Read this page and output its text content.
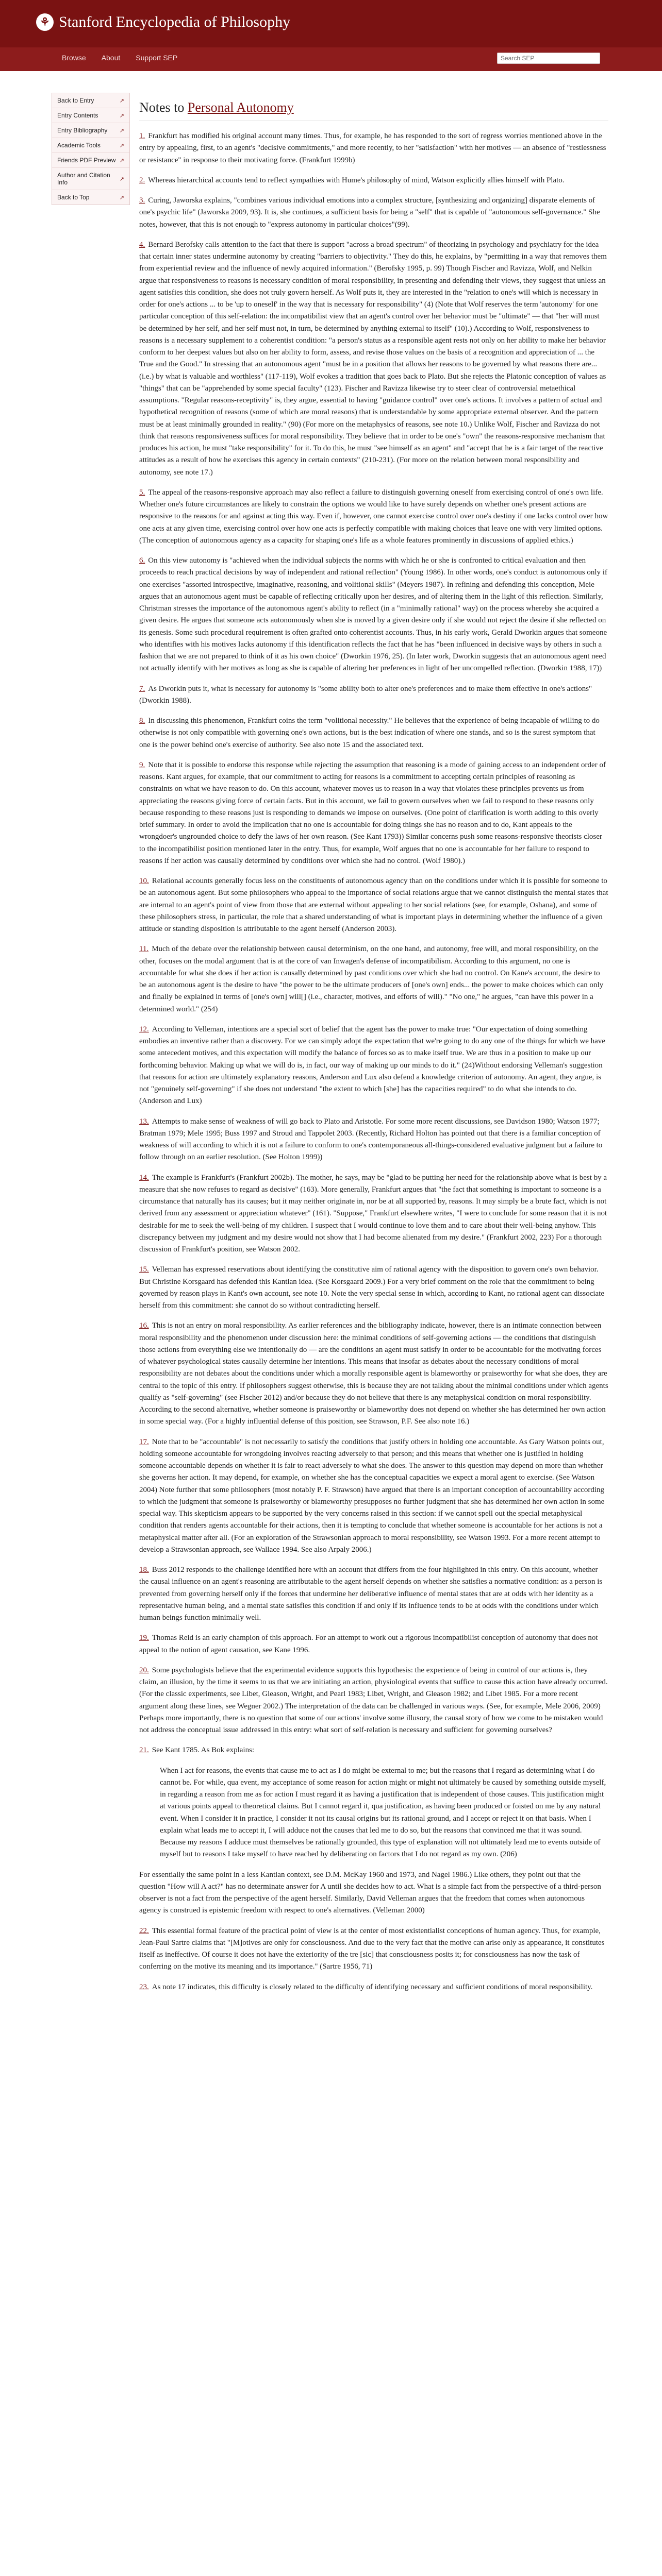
⚘ Stanford Encyclopedia of Philosophy
Browse About Support SEP
Search SEP
Back to Entry	↗
Entry Contents	↗
Entry Bibliography ↗
Academic Tools	↗
Friends PDF Preview ↗
Author and Citation Info	↗
Back to Top	↗
Notes to Personal Autonomy

1. Frankfurt has modified his original account many times. Thus, for example, he has responded to the sort of regress worries mentioned above in the entry by appealing, first, to an agent's "decisive commitments," and more recently, to her "satisfaction" with her motives — an absence of "restlessness or resistance" in response to their motivating force. (Frankfurt 1999b)

2. Whereas hierarchical accounts tend to reflect sympathies with Hume's philosophy of mind, Watson explicitly allies himself with Plato.

3. Curing, Jaworska explains, "combines various individual emotions into a complex structure, [synthesizing and organizing] disparate elements of one's psychic life" (Jaworska 2009, 93). It is, she continues, a sufficient basis for being a "self" that is capable of "autonomous self-governance." She notes, however, that this is not enough to "express autonomy in particular choices"(99).

4. Bernard Berofsky calls attention to the fact that there is support "across a broad spectrum" of theorizing in psychology and psychiatry for the idea that certain inner states undermine autonomy by creating "barriers to objectivity." They do this, he explains, by "permitting in a way that removes them from experiential review and the influence of newly acquired information." (Berofsky 1995, p. 99) Though Fischer and Ravizza, Wolf, and Nelkin argue that responsiveness to reasons is necessary condition of moral responsibility, in presenting and defending their views, they suggest that unless an agent satisfies this condition, she does not truly govern herself. As Wolf puts it, they are interested in the "relation to one's will which is necessary in order for one's actions ... to be 'up to oneself' in the way that is necessary for responsibility" (4) (Note that Wolf reserves the term 'autonomy' for one particular conception of this self-relation: the incompatibilist view that an agent's control over her behavior must be "ultimate" — that "her will must be determined by her self, and her self must not, in turn, be determined by anything external to itself" (10).) According to Wolf, responsiveness to reasons is a necessary supplement to a coherentist condition: "a person's status as a responsible agent rests not only on her ability to make her behavior conform to her deepest values but also on her ability to form, assess, and revise those values on the basis of a recognition and appreciation of ... the True and the Good." In stressing that an autonomous agent "must be in a position that allows her reasons to be governed by what reasons there are... (i.e.) by what is valuable and worthless" (117-119), Wolf evokes a tradition that goes back to Plato. But she rejects the Platonic conception of values as "things" that can be "apprehended by some special faculty" (123). Fischer and Ravizza likewise try to steer clear of controversial metaethical assumptions. "Regular reasons-receptivity" is, they argue, essential to having "guidance control" over one's actions. It involves a pattern of actual and hypothetical recognition of reasons (some of which are moral reasons) that is understandable by some appropriate external observer. And the pattern must be at least minimally grounded in reality." (90) (For more on the metaphysics of reasons, see note 10.) Unlike Wolf, Fischer and Ravizza do not think that reasons responsiveness suffices for moral responsibility. They believe that in order to be one's "own" the reasons-responsive mechanism that produces his action, he must "take responsibility" for it. To do this, he must "see himself as an agent" and "accept that he is a fair target of the reactive attitudes as a result of how he exercises this agency in certain contexts" (210-231). (For more on the relation between moral responsibility and autonomy, see note 17.)

5. The appeal of the reasons-responsive approach may also reflect a failure to distinguish governing oneself from exercising control of one's own life. Whether one's future circumstances are likely to constrain the options we would like to have surely depends on whether one's present actions are responsive to the reasons for and against acting this way. Even if, however, one cannot exercise control over one's destiny if one lacks control over how one acts at any given time, exercising control over how one acts is perfectly compatible with making choices that leave one with very limited options. (The conception of autonomous agency as a capacity for shaping one's life as a whole features prominently in discussions of applied ethics.)

6. On this view autonomy is "achieved when the individual subjects the norms with which he or she is confronted to critical evaluation and then proceeds to reach practical decisions by way of independent and rational reflection" (Young 1986). In other words, one's conduct is autonomous only if one exercises "assorted introspective, imaginative, reasoning, and volitional skills" (Meyers 1987). In refining and defending this conception, Meie argues that an autonomous agent must be capable of reflecting critically upon her desires, and of altering them in the light of this reflection. Similarly, Christman stresses the importance of the autonomous agent's ability to reflect (in a "minimally rational" way) on the process whereby she acquired a given desire. He argues that someone acts autonomously when she is moved by a given desire only if she would not reject the desire if she reflected on its genesis. Some such procedural requirement is often grafted onto coherentist accounts. Thus, in his early work, Gerald Dworkin argues that someone who identifies with his motives lacks autonomy if this identification reflects the fact that he has "been influenced in decisive ways by others in such a fashion that we are not prepared to think of it as his own choice" (Dworkin 1976, 25). (In later work, Dworkin suggests that an autonomous agent need not actually identify with her motives as long as she is capable of altering her preferences in light of her uncompelled reflection. (Dworkin 1988, 17))

7. As Dworkin puts it, what is necessary for autonomy is "some ability both to alter one's preferences and to make them effective in one's actions" (Dworkin 1988).

8. In discussing this phenomenon, Frankfurt coins the term "volitional necessity." He believes that the experience of being incapable of willing to do otherwise is not only compatible with governing one's own actions, but is the best indication of where one stands, and so is the surest symptom that one is the power behind one's exercise of authority. See also note 15 and the associated text.

9. Note that it is possible to endorse this response while rejecting the assumption that reasoning is a mode of gaining access to an independent order of reasons. Kant argues, for example, that our commitment to acting for reasons is a commitment to accepting certain principles of reasoning as constraints on what we have reason to do. On this account, whatever moves us to reason in a way that violates these principles prevents us from appreciating the reasons giving force of certain facts. But in this account, we fail to govern ourselves when we fail to respond to these reasons only because responding to these reasons just is responding to demands we impose on ourselves. (One point of clarification is worth adding to this overly brief summary. In order to avoid the implication that no one is accountable for doing things she has no reason and to do, Kant appeals to the wrongdoer's ungrounded choice to defy the laws of her own reason. (See Kant 1793)) Similar concerns push some reasons-responsive theorists closer to the incompatibilist position mentioned later in the entry. Thus, for example, Wolf argues that no one is accountable for her failure to respond to reasons if her action was causally determined by conditions over which she had no control. (Wolf 1980).)

10. Relational accounts generally focus less on the constituents of autonomous agency than on the conditions under which it is possible for someone to be an autonomous agent. But some philosophers who appeal to the importance of social relations argue that we cannot distinguish the mental states that are internal to an agent's point of view from those that are external without appealing to her social relations (see, for example, Oshana), and some of these philosophers stress, in particular, the role that a shared understanding of what is important plays in determining whether the influence of a given attitude or standing disposition is attributable to the agent herself (Anderson 2003).

11. Much of the debate over the relationship between causal determinism, on the one hand, and autonomy, free will, and moral responsibility, on the other, focuses on the modal argument that is at the core of van Inwagen's defense of incompatibilism. According to this argument, no one is accountable for what she does if her action is causally determined by past conditions over which she had no control. On Kane's account, the desire to be an autonomous agent is the desire to have "the power to be the ultimate producers of [one's own] ends... the power to make choices which can only and finally be explained in terms of [one's own] will[] (i.e., character, motives, and efforts of will)." "No one," he argues, "can have this power in a determined world." (254)

12. According to Velleman, intentions are a special sort of belief that the agent has the power to make true: "Our expectation of doing something embodies an inventive rather than a discovery. For we can simply adopt the expectation that we're going to do any one of the things for which we have some antecedent motives, and this expectation will modify the balance of forces so as to make itself true. We are thus in a position to make up our forthcoming behavior. Making up what we will do is, in fact, our way of making up our minds to do it." (24)Without endorsing Velleman's suggestion that reasons for action are ultimately explanatory reasons, Anderson and Lux also defend a knowledge criterion of autonomy. An agent, they argue, is not "genuinely self-governing" if she does not understand "the extent to which [she] has the capacities required" to do what she intends to do. (Anderson and Lux)

13. Attempts to make sense of weakness of will go back to Plato and Aristotle. For some more recent discussions, see Davidson 1980; Watson 1977; Bratman 1979; Mele 1995; Buss 1997 and Stroud and Tappolet 2003. (Recently, Richard Holton has pointed out that there is a familiar conception of weakness of will according to which it is not a failure to conform to one's contemporaneous all-things-considered evaluative judgment but a failure to follow through on an earlier resolution. (See Holton 1999))

14. The example is Frankfurt's (Frankfurt 2002b). The mother, he says, may be "glad to be putting her need for the relationship above what is best by a measure that she now refuses to regard as decisive" (163). More generally, Frankfurt argues that "the fact that something is important to someone is a circumstance that naturally has its causes; but it may neither originate in, nor be at all supported by, reasons. It may simply be a brute fact, which is not derived from any assessment or appreciation whatever" (161). "Suppose," Frankfurt elsewhere writes, "I were to conclude for some reason that it is not desirable for me to seek the well-being of my children. I suspect that I would continue to love them and to care about their well-being anyhow. This discrepancy between my judgment and my desire would not show that I had become alienated from my desire." (Frankfurt 2002, 223) For a thorough discussion of Frankfurt's position, see Watson 2002.

15. Velleman has expressed reservations about identifying the constitutive aim of rational agency with the disposition to govern one's own behavior. But Christine Korsgaard has defended this Kantian idea. (See Korsgaard 2009.) For a very brief comment on the role that the commitment to being governed by reason plays in Kant's own account, see note 10. Note the very special sense in which, according to Kant, no rational agent can dissociate herself from this commitment: she cannot do so without contradicting herself.

16. This is not an entry on moral responsibility. As earlier references and the bibliography indicate, however, there is an intimate connection between moral responsibility and the phenomenon under discussion here: the minimal conditions of self-governing actions — the conditions that distinguish those actions from everything else we intentionally do — are the conditions an agent must satisfy in order to be accountable for the motivating forces of whatever psychological states causally determine her intentions. This means that insofar as debates about the necessary conditions of moral responsibility are not debates about the conditions under which a morally responsible agent is blameworthy or praiseworthy for what she does, they are central to the topic of this entry. If philosophers suggest otherwise, this is because they are not talking about the minimal conditions under which agents qualify as "self-governing" (see Fischer 2012) and/or because they do not believe that there is any metaphysical condition on moral responsibility. According to the second alternative, whether someone is praiseworthy or blameworthy does not depend on whether she has determined her own action in some special way. (For a highly influential defense of this position, see Strawson, P.F. See also note 16.)

17. Note that to be "accountable" is not necessarily to satisfy the conditions that justify others in holding one accountable. As Gary Watson points out, holding someone accountable for wrongdoing involves reacting adversely to that person; and this means that whether one is justified in holding someone accountable depends on whether it is fair to react adversely to what she does. The answer to this question may depend on more than whether she governs her action. It may depend, for example, on whether she has the conceptual capacities we expect a moral agent to exercise. (See Watson 2004) Note further that some philosophers (most notably P. F. Strawson) have argued that there is an important conception of accountability according to which the judgment that someone is praiseworthy or blameworthy presupposes no further judgment that she has determined her own action in some special way. This skepticism appears to be supported by the very concerns raised in this section: if we cannot spell out the special metaphysical condition that renders agents accountable for their actions, then it is tempting to conclude that whether someone is accountable for her actions is not a metaphysical matter after all. (For an exploration of the Strawsonian approach to moral responsibility, see Watson 1993. For a more recent attempt to develop a Strawsonian approach, see Wallace 1994. See also Arpaly 2006.)

18. Buss 2012 responds to the challenge identified here with an account that differs from the four highlighted in this entry. On this account, whether the causal influence on an agent's reasoning are attributable to the agent herself depends on whether she satisfies a normative condition: as a person is prevented from governing herself only if the forces that undermine her deliberative influence of mental states that are at odds with her identity as a representative human being, and a mental state satisfies this condition if and only if its influence tends to be at odds with the conditions under which human beings function minimally well.

19. Thomas Reid is an early champion of this approach. For an attempt to work out a rigorous incompatibilist conception of autonomy that does not appeal to the notion of agent causation, see Kane 1996.

20. Some psychologists believe that the experimental evidence supports this hypothesis: the experience of being in control of our actions is, they claim, an illusion, by the time it seems to us that we are initiating an action, physiological events that suffice to cause this action have already occurred. (For the classic experiments, see Libet, Gleason, Wright, and Pearl 1983; Libet, Wright, and Gleason 1982; and Libet 1985. For a more recent argument along these lines, see Wegner 2002.) The interpretation of the data can be challenged in various ways. (See, for example, Mele 2006, 2009) Perhaps more importantly, there is no question that some of our actions' involve some illusory, the causal story of how we come to be mistaken would not address the conceptual issue addressed in this entry: what sort of self-relation is necessary and sufficient for governing ourselves?

21. See Kant 1785. As Bok explains:

When I act for reasons, the events that cause me to act as I do might be external to me; but the reasons that I regard as determining what I do cannot be. For while, qua event, my acceptance of some reason for action might or might not ultimately be caused by something outside myself, in regarding a reason from me as for action I must regard it as having a justification that is independent of those causes. This justification might at various points appeal to theoretical claims. But I cannot regard it, qua justification, as having been produced or foisted on me by any natural event. When I consider it in practice, I consider it not its causal origins but its rational ground, and I accept or reject it on that basis. When I explain what leads me to accept it, I will adduce not the causes that led me to do so, but the reasons that convinced me that it was sound. Because my reasons I adduce must themselves be rationally grounded, this type of explanation will not ultimately lead me to events outside of myself but to reasons I take myself to have reached by deliberating on factors that I do not regard as my own. (206)

For essentially the same point in a less Kantian context, see D.M. McKay 1960 and 1973, and Nagel 1986.) Like others, they point out that the question "How will A act?" has no determinate answer for A until she decides how to act. What is a simple fact from the perspective of a third-person observer is not a fact from the perspective of the agent herself. Similarly, David Velleman argues that the freedom that comes when autonomous agency is construed is epistemic freedom with respect to one's alternatives. (Velleman 2000)

22. This essential formal feature of the practical point of view is at the center of most existentialist conceptions of human agency. Thus, for example, Jean-Paul Sartre claims that "[M]otives are only for consciousness. And due to the very fact that the motive can arise only as appearance, it constitutes itself as ineffective. Of course it does not have the exteriority of the tre [sic] that consciousness posits it; for consciousness has now the task of conferring on the motive its meaning and its importance." (Sartre 1956, 71)

23. As note 17 indicates, this difficulty is closely related to the difficulty of identifying necessary and sufficient conditions of moral responsibility.
